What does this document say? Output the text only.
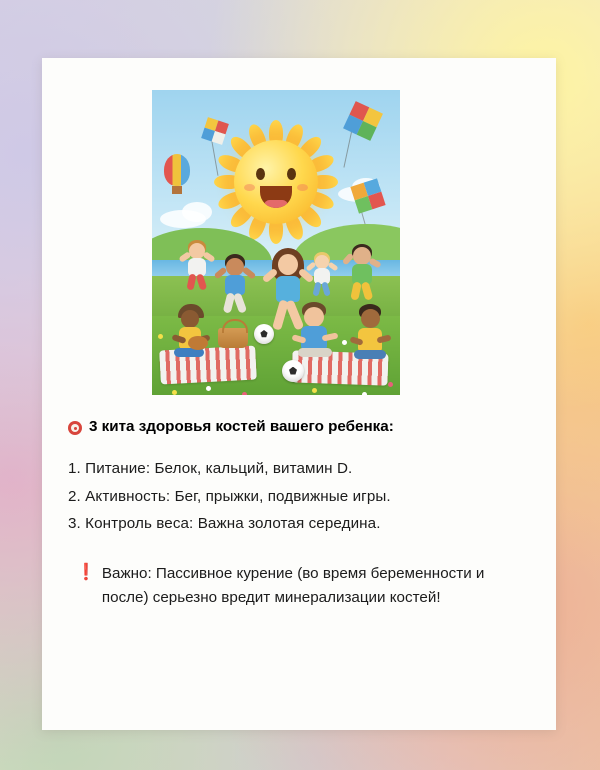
3 кита здоровья костей вашего ребенка:
1. Питание: Белок, кальций, витамин D.
2. Активность: Бег, прыжки, подвижные игры.
3. Контроль веса: Важна золотая середина.
❗ Важно: Пассивное курение (во время беременности и после) серьезно вредит минерализации костей!
